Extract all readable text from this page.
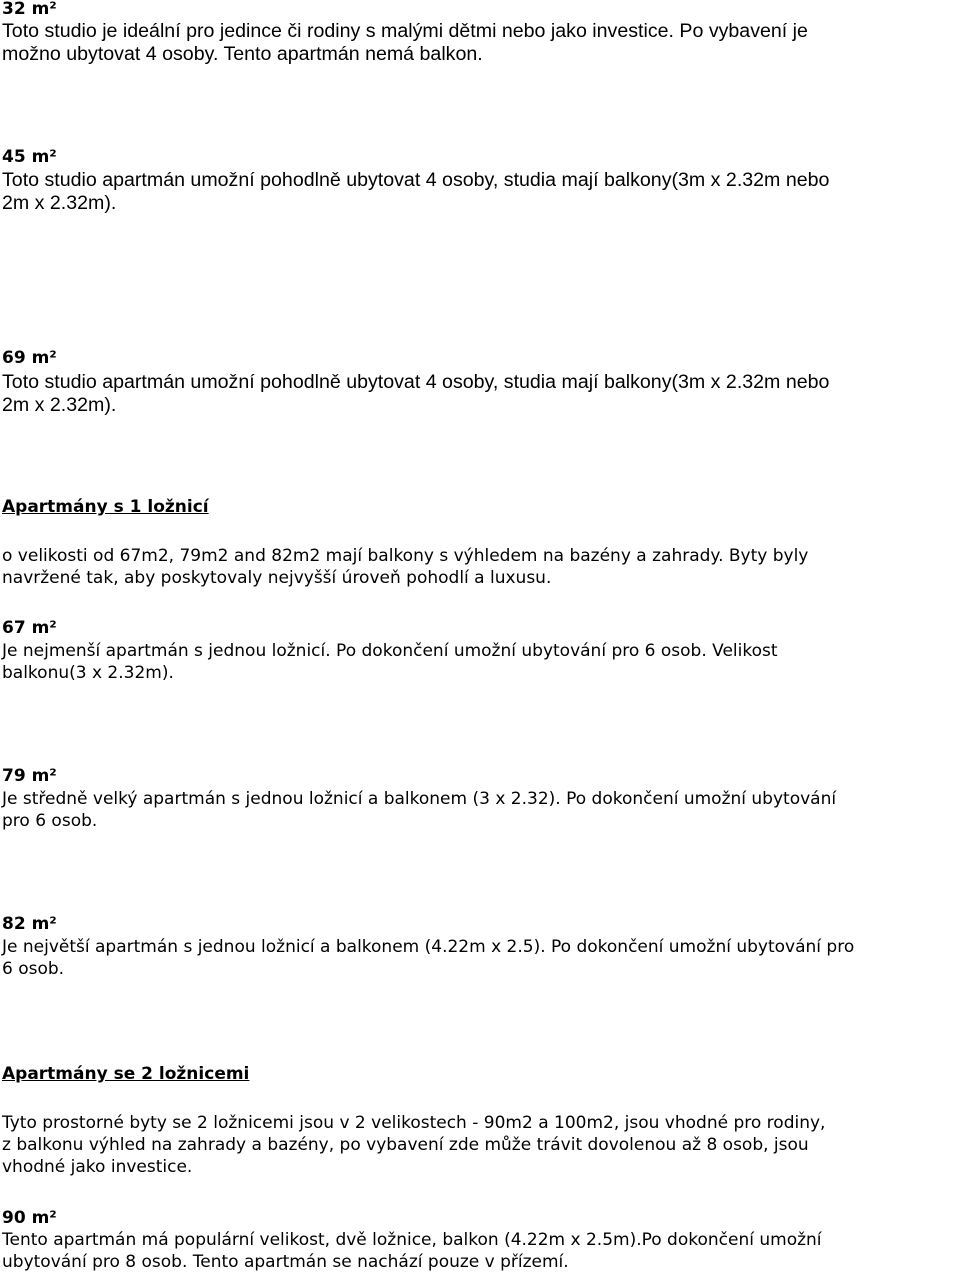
32 m²
Toto studio je ideální pro jedince či rodiny s malými dětmi nebo jako investice. Po vybavení je
možno ubytovat 4 osoby. Tento apartmán nemá balkon.
45 m²
Toto studio apartmán umožní pohodlně ubytovat 4 osoby, studia mají balkony(3m x 2.32m nebo
2m x 2.32m).
69 m²
Toto studio apartmán umožní pohodlně ubytovat 4 osoby, studia mají balkony(3m x 2.32m nebo
2m x 2.32m).
Apartmány s 1 ložnicí
o velikosti od 67m2, 79m2 and 82m2 mají balkony s výhledem na bazény a zahrady. Byty byly
navržené tak, aby poskytovaly nejvyšší úroveň pohodlí a luxusu.
67 m²
Je nejmenší apartmán s jednou ložnicí. Po dokončení umožní ubytování pro 6 osob. Velikost
balkonu(3 x 2.32m).
79 m²
Je středně velký apartmán s jednou ložnicí a balkonem (3 x 2.32). Po dokončení umožní ubytování
pro 6 osob.
82 m²
Je největší apartmán s jednou ložnicí a balkonem (4.22m x 2.5). Po dokončení umožní ubytování pro
6 osob.
Apartmány se 2 ložnicemi
Tyto prostorné byty se 2 ložnicemi jsou v 2 velikostech - 90m2 a 100m2, jsou vhodné pro rodiny,
z balkonu výhled na zahrady a bazény, po vybavení zde může trávit dovolenou až 8 osob, jsou
vhodné jako investice.
90 m²
Tento apartmán má populární velikost, dvě ložnice, balkon (4.22m x 2.5m).Po dokončení umožní
ubytování pro 8 osob. Tento apartmán se nachází pouze v přízemí.
